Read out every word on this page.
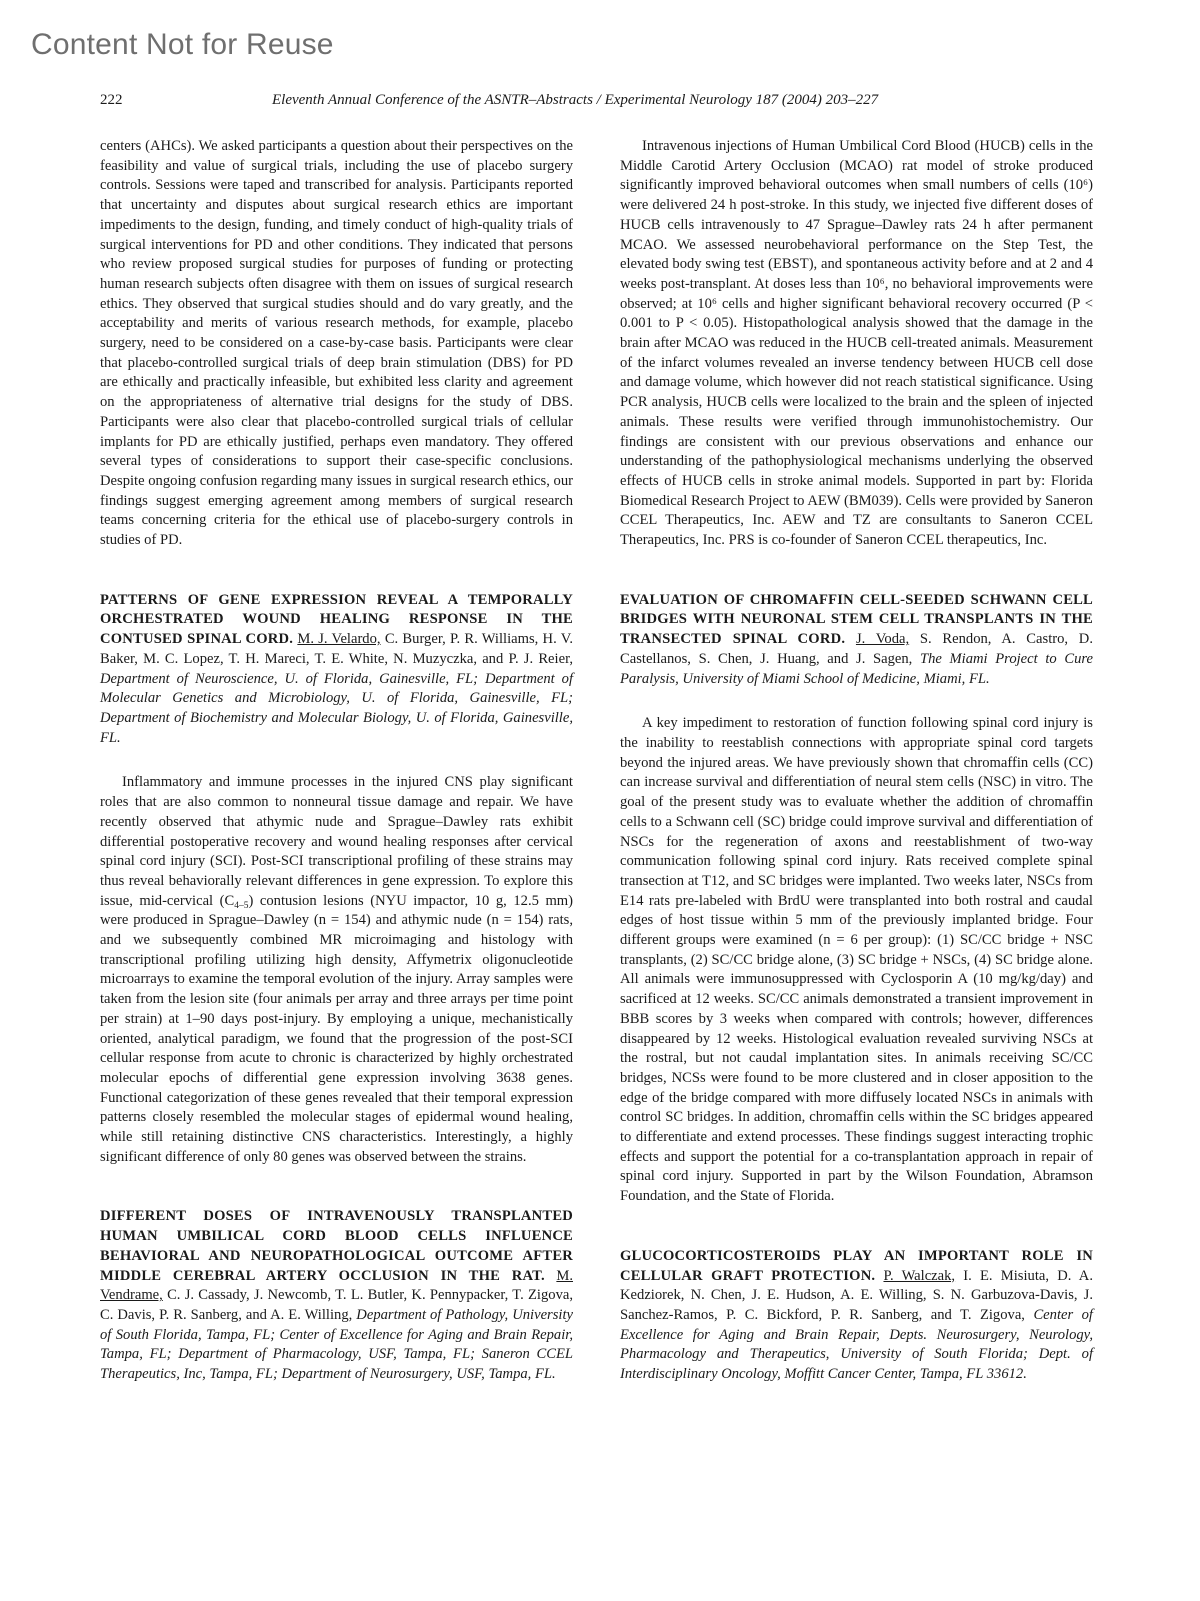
Content Not for Reuse
222	Eleventh Annual Conference of the ASNTR–Abstracts / Experimental Neurology 187 (2004) 203–227

centers (AHCs). We asked participants a question about their perspectives on the feasibility and value of surgical trials, including the use of placebo surgery controls. Sessions were taped and transcribed for analysis. Participants reported that uncertainty and disputes about surgical research ethics are important impediments to the design, funding, and timely conduct of high-quality trials of surgical interventions for PD and other conditions. They indicated that persons who review proposed surgical studies for purposes of funding or protecting human research subjects often disagree with them on issues of surgical research ethics. They observed that surgical studies should and do vary greatly, and the acceptability and merits of various research methods, for example, placebo surgery, need to be considered on a case-by-case basis. Participants were clear that placebo-controlled surgical trials of deep brain stimulation (DBS) for PD are ethically and practically infeasible, but exhibited less clarity and agreement on the appropriateness of alternative trial designs for the study of DBS. Participants were also clear that placebo-controlled surgical trials of cellular implants for PD are ethically justified, perhaps even mandatory. They offered several types of considerations to support their case-specific conclusions. Despite ongoing confusion regarding many issues in surgical research ethics, our findings suggest emerging agreement among members of surgical research teams concerning criteria for the ethical use of placebo-surgery controls in studies of PD.

PATTERNS OF GENE EXPRESSION REVEAL A TEMPORALLY ORCHESTRATED WOUND HEALING RESPONSE IN THE CONTUSED SPINAL CORD. M. J. Velardo, C. Burger, P. R. Williams, H. V. Baker, M. C. Lopez, T. H. Mareci, T. E. White, N. Muzyczka, and P. J. Reier, Department of Neuroscience, U. of Florida, Gainesville, FL; Department of Molecular Genetics and Microbiology, U. of Florida, Gainesville, FL; Department of Biochemistry and Molecular Biology, U. of Florida, Gainesville, FL.

Inflammatory and immune processes in the injured CNS play significant roles that are also common to nonneural tissue damage and repair. We have recently observed that athymic nude and Sprague–Dawley rats exhibit differential postoperative recovery and wound healing responses after cervical spinal cord injury (SCI). Post-SCI transcriptional profiling of these strains may thus reveal behaviorally relevant differences in gene expression. To explore this issue, mid-cervical $(C_{4-5})$ contusion lesions (NYU impactor, 10 g, 12.5 mm) were produced in Sprague–Dawley (n = 154) and athymic nude (n = 154) rats, and we subsequently combined MR microimaging and histology with transcriptional profiling utilizing high density, Affymetrix oligonucleotide microarrays to examine the temporal evolution of the injury. Array samples were taken from the lesion site (four animals per array and three arrays per time point per strain) at 1–90 days post-injury. By employing a unique, mechanistically oriented, analytical paradigm, we found that the progression of the post-SCI cellular response from acute to chronic is characterized by highly orchestrated molecular epochs of differential gene expression involving 3638 genes. Functional categorization of these genes revealed that their temporal expression patterns closely resembled the molecular stages of epidermal wound healing, while still retaining distinctive CNS characteristics. Interestingly, a highly significant difference of only 80 genes was observed between the strains.

DIFFERENT DOSES OF INTRAVENOUSLY TRANSPLANTED HUMAN UMBILICAL CORD BLOOD CELLS INFLUENCE BEHAVIORAL AND NEUROPATHOLOGICAL OUTCOME AFTER MIDDLE CEREBRAL ARTERY OCCLUSION IN THE RAT. M. Vendrame, C. J. Cassady, J. Newcomb, T. L. Butler, K. Pennypacker, T. Zigova, C. Davis, P. R. Sanberg, and A. E. Willing, Department of Pathology, University of South Florida, Tampa, FL; Center of Excellence for Aging and Brain Repair, Tampa, FL; Department of Pharmacology, USF, Tampa, FL; Saneron CCEL Therapeutics, Inc, Tampa, FL; Department of Neurosurgery, USF, Tampa, FL.

Intravenous injections of Human Umbilical Cord Blood (HUCB) cells in the Middle Carotid Artery Occlusion (MCAO) rat model of stroke produced significantly improved behavioral outcomes when small numbers of cells (10⁶) were delivered 24 h post-stroke. In this study, we injected five different doses of HUCB cells intravenously to 47 Sprague–Dawley rats 24 h after permanent MCAO. We assessed neurobehavioral performance on the Step Test, the elevated body swing test (EBST), and spontaneous activity before and at 2 and 4 weeks post-transplant. At doses less than 10⁶, no behavioral improvements were observed; at 10⁶ cells and higher significant behavioral recovery occurred (P < 0.001 to P < 0.05). Histopathological analysis showed that the damage in the brain after MCAO was reduced in the HUCB cell-treated animals. Measurement of the infarct volumes revealed an inverse tendency between HUCB cell dose and damage volume, which however did not reach statistical significance. Using PCR analysis, HUCB cells were localized to the brain and the spleen of injected animals. These results were verified through immunohistochemistry. Our findings are consistent with our previous observations and enhance our understanding of the pathophysiological mechanisms underlying the observed effects of HUCB cells in stroke animal models. Supported in part by: Florida Biomedical Research Project to AEW (BM039). Cells were provided by Saneron CCEL Therapeutics, Inc. AEW and TZ are consultants to Saneron CCEL Therapeutics, Inc. PRS is co-founder of Saneron CCEL therapeutics, Inc.

EVALUATION OF CHROMAFFIN CELL-SEEDED SCHWANN CELL BRIDGES WITH NEURONAL STEM CELL TRANSPLANTS IN THE TRANSECTED SPINAL CORD. J. Voda, S. Rendon, A. Castro, D. Castellanos, S. Chen, J. Huang, and J. Sagen, The Miami Project to Cure Paralysis, University of Miami School of Medicine, Miami, FL.

A key impediment to restoration of function following spinal cord injury is the inability to reestablish connections with appropriate spinal cord targets beyond the injured areas. We have previously shown that chromaffin cells (CC) can increase survival and differentiation of neural stem cells (NSC) in vitro. The goal of the present study was to evaluate whether the addition of chromaffin cells to a Schwann cell (SC) bridge could improve survival and differentiation of NSCs for the regeneration of axons and reestablishment of two-way communication following spinal cord injury. Rats received complete spinal transection at T12, and SC bridges were implanted. Two weeks later, NSCs from E14 rats pre-labeled with BrdU were transplanted into both rostral and caudal edges of host tissue within 5 mm of the previously implanted bridge. Four different groups were examined (n = 6 per group): (1) SC/CC bridge + NSC transplants, (2) SC/CC bridge alone, (3) SC bridge + NSCs, (4) SC bridge alone. All animals were immunosuppressed with Cyclosporin A (10 mg/kg/day) and sacrificed at 12 weeks. SC/CC animals demonstrated a transient improvement in BBB scores by 3 weeks when compared with controls; however, differences disappeared by 12 weeks. Histological evaluation revealed surviving NSCs at the rostral, but not caudal implantation sites. In animals receiving SC/CC bridges, NCSs were found to be more clustered and in closer apposition to the edge of the bridge compared with more diffusely located NSCs in animals with control SC bridges. In addition, chromaffin cells within the SC bridges appeared to differentiate and extend processes. These findings suggest interacting trophic effects and support the potential for a co-transplantation approach in repair of spinal cord injury. Supported in part by the Wilson Foundation, Abramson Foundation, and the State of Florida.

GLUCOCORTICOSTEROIDS PLAY AN IMPORTANT ROLE IN CELLULAR GRAFT PROTECTION. P. Walczak, I. E. Misiuta, D. A. Kedziorek, N. Chen, J. E. Hudson, A. E. Willing, S. N. Garbuzova-Davis, J. Sanchez-Ramos, P. C. Bickford, P. R. Sanberg, and T. Zigova, Center of Excellence for Aging and Brain Repair, Depts. Neurosurgery, Neurology, Pharmacology and Therapeutics, University of South Florida; Dept. of Interdisciplinary Oncology, Moffitt Cancer Center, Tampa, FL 33612.
